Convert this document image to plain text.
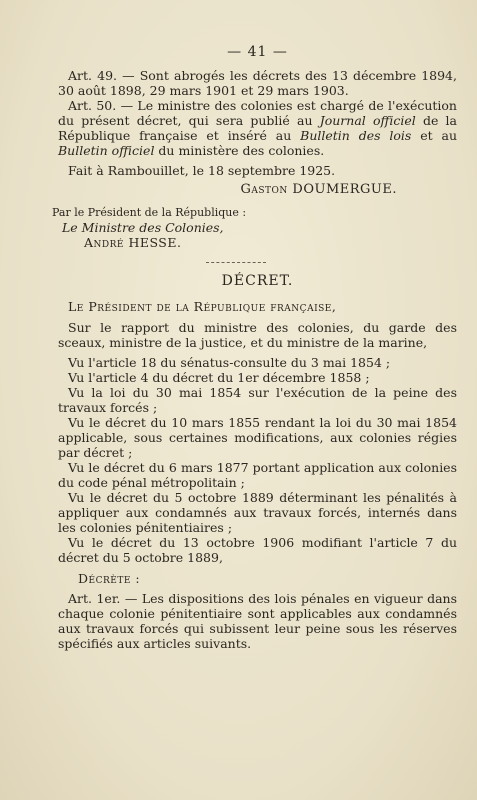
— 41 —

Art. 49. — Sont abrogés les décrets des 13 décembre 1894, 30 août 1898, 29 mars 1901 et 29 mars 1903.

Art. 50. — Le ministre des colonies est chargé de l'exécution du présent décret, qui sera publié au Journal officiel de la République française et inséré au Bulletin des lois et au Bulletin officiel du ministère des colonies.

Fait à Rambouillet, le 18 septembre 1925.

Gaston DOUMERGUE.

Par le Président de la République :

Le Ministre des Colonies,

André HESSE.

DÉCRET.

Le Président de la République française,

Sur le rapport du ministre des colonies, du garde des sceaux, ministre de la justice, et du ministre de la marine,

Vu l'article 18 du sénatus-consulte du 3 mai 1854 ;

Vu l'article 4 du décret du 1er décembre 1858 ;

Vu la loi du 30 mai 1854 sur l'exécution de la peine des travaux forcés ;

Vu le décret du 10 mars 1855 rendant la loi du 30 mai 1854 applicable, sous certaines modifications, aux colonies régies par décret ;

Vu le décret du 6 mars 1877 portant application aux colonies du code pénal métropolitain ;

Vu le décret du 5 octobre 1889 déterminant les pénalités à appliquer aux condamnés aux travaux forcés, internés dans les colonies pénitentiaires ;

Vu le décret du 13 octobre 1906 modifiant l'article 7 du décret du 5 octobre 1889,

Décrète :

Art. 1er. — Les dispositions des lois pénales en vigueur dans chaque colonie pénitentiaire sont applicables aux condamnés aux travaux forcés qui subissent leur peine sous les réserves spécifiés aux articles suivants.
